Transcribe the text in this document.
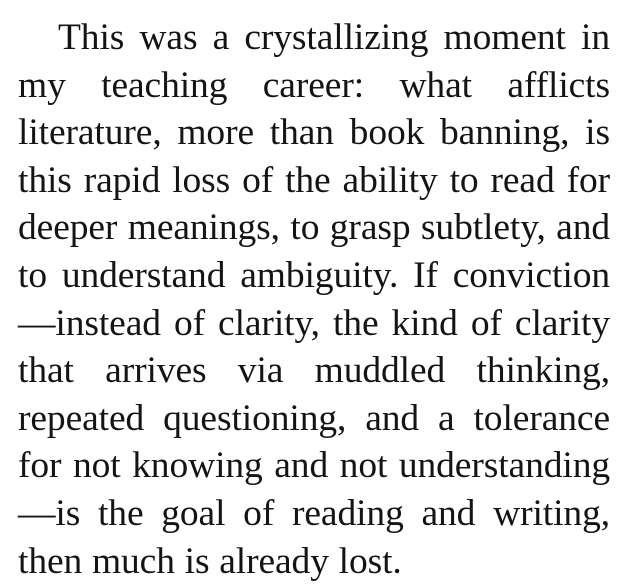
This was a crystallizing moment in my teaching career: what afflicts literature, more than book banning, is this rapid loss of the ability to read for deeper meanings, to grasp subtlety, and to understand ambiguity. If conviction—instead of clarity, the kind of clarity that arrives via muddled thinking, repeated questioning, and a tolerance for not knowing and not understanding—is the goal of reading and writing, then much is already lost.
